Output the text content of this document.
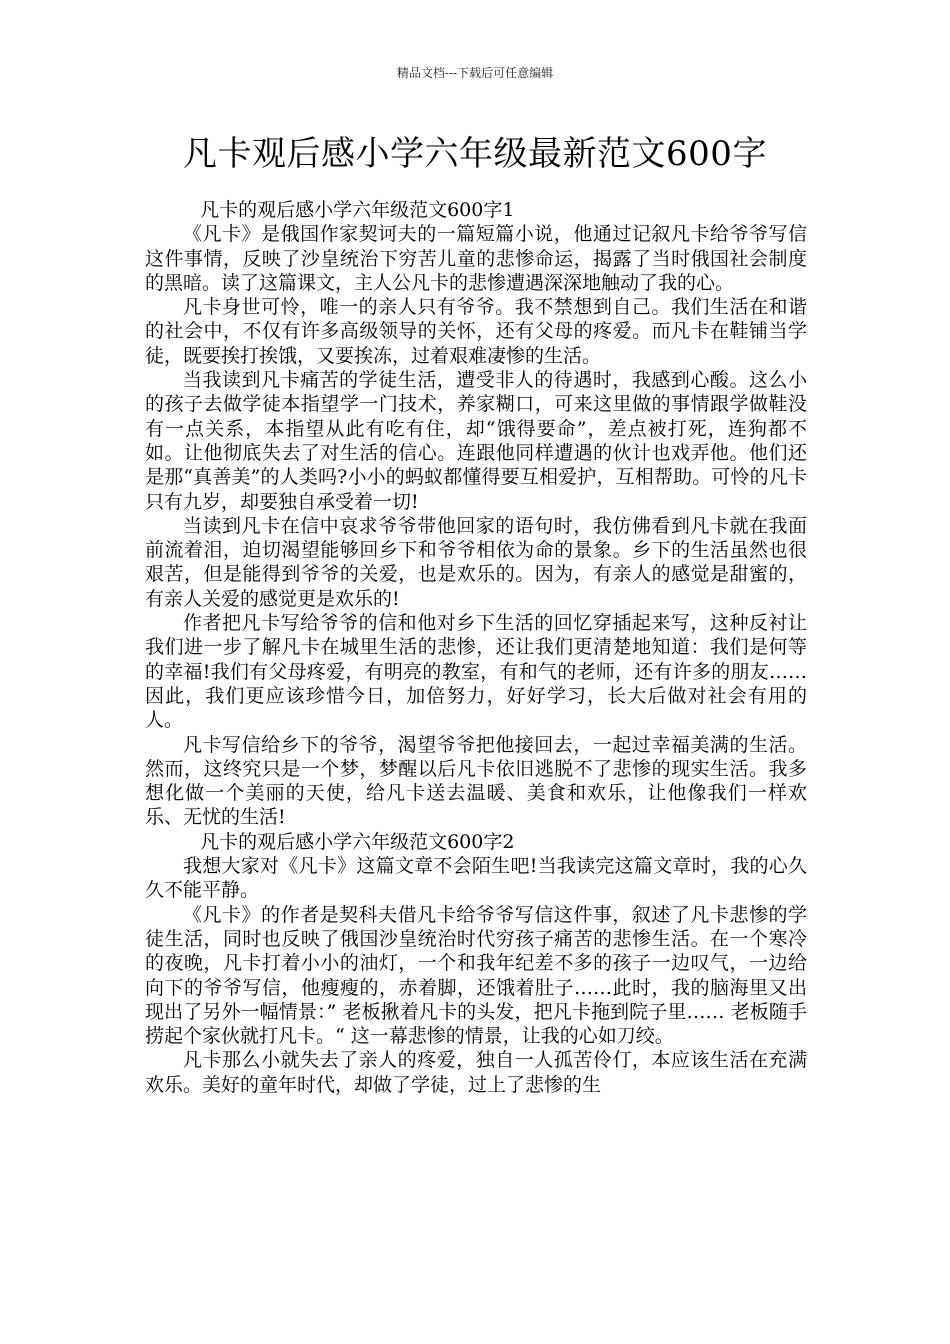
精品文档---下载后可任意编辑
凡卡观后感小学六年级最新范文600字

凡卡的观后感小学六年级范文600字1

《凡卡》是俄国作家契诃夫的一篇短篇小说，他通过记叙凡卡给爷爷写信这件事情，反映了沙皇统治下穷苦儿童的悲惨命运，揭露了当时俄国社会制度的黑暗。读了这篇课文，主人公凡卡的悲惨遭遇深深地触动了我的心。

凡卡身世可怜，唯一的亲人只有爷爷。我不禁想到自己。我们生活在和谐的社会中，不仅有许多高级领导的关怀，还有父母的疼爱。而凡卡在鞋铺当学徒，既要挨打挨饿，又要挨冻，过着艰难凄惨的生活。

当我读到凡卡痛苦的学徒生活，遭受非人的待遇时，我感到心酸。这么小的孩子去做学徒本指望学一门技术，养家糊口，可来这里做的事情跟学做鞋没有一点关系，本指望从此有吃有住，却“饿得要命”，差点被打死，连狗都不如。让他彻底失去了对生活的信心。连跟他同样遭遇的伙计也戏弄他。他们还是那“真善美”的人类吗?小小的蚂蚁都懂得要互相爱护，互相帮助。可怜的凡卡只有九岁，却要独自承受着一切!

当读到凡卡在信中哀求爷爷带他回家的语句时，我仿佛看到凡卡就在我面前流着泪，迫切渴望能够回乡下和爷爷相依为命的景象。乡下的生活虽然也很艰苦，但是能得到爷爷的关爱，也是欢乐的。因为，有亲人的感觉是甜蜜的，有亲人关爱的感觉更是欢乐的!

作者把凡卡写给爷爷的信和他对乡下生活的回忆穿插起来写，这种反衬让我们进一步了解凡卡在城里生活的悲惨，还让我们更清楚地知道：我们是何等的幸福!我们有父母疼爱，有明亮的教室，有和气的老师，还有许多的朋友……因此，我们更应该珍惜今日，加倍努力，好好学习，长大后做对社会有用的人。

凡卡写信给乡下的爷爷，渴望爷爷把他接回去，一起过幸福美满的生活。然而，这终究只是一个梦，梦醒以后凡卡依旧逃脱不了悲惨的现实生活。我多想化做一个美丽的天使，给凡卡送去温暖、美食和欢乐，让他像我们一样欢乐、无忧的生活!

凡卡的观后感小学六年级范文600字2

我想大家对《凡卡》这篇文章不会陌生吧!当我读完这篇文章时，我的心久久不能平静。

《凡卡》的作者是契科夫借凡卡给爷爷写信这件事，叙述了凡卡悲惨的学徒生活，同时也反映了俄国沙皇统治时代穷孩子痛苦的悲惨生活。在一个寒冷的夜晚，凡卡打着小小的油灯，一个和我年纪差不多的孩子一边叹气，一边给向下的爷爷写信，他瘦瘦的，赤着脚，还饿着肚子……此时，我的脑海里又出现出了另外一幅情景：” 老板揪着凡卡的头发，把凡卡拖到院子里…… 老板随手捞起个家伙就打凡卡。“ 这一幕悲惨的情景，让我的心如刀绞。

凡卡那么小就失去了亲人的疼爱，独自一人孤苦伶仃，本应该生活在充满欢乐。美好的童年时代，却做了学徒，过上了悲惨的生
